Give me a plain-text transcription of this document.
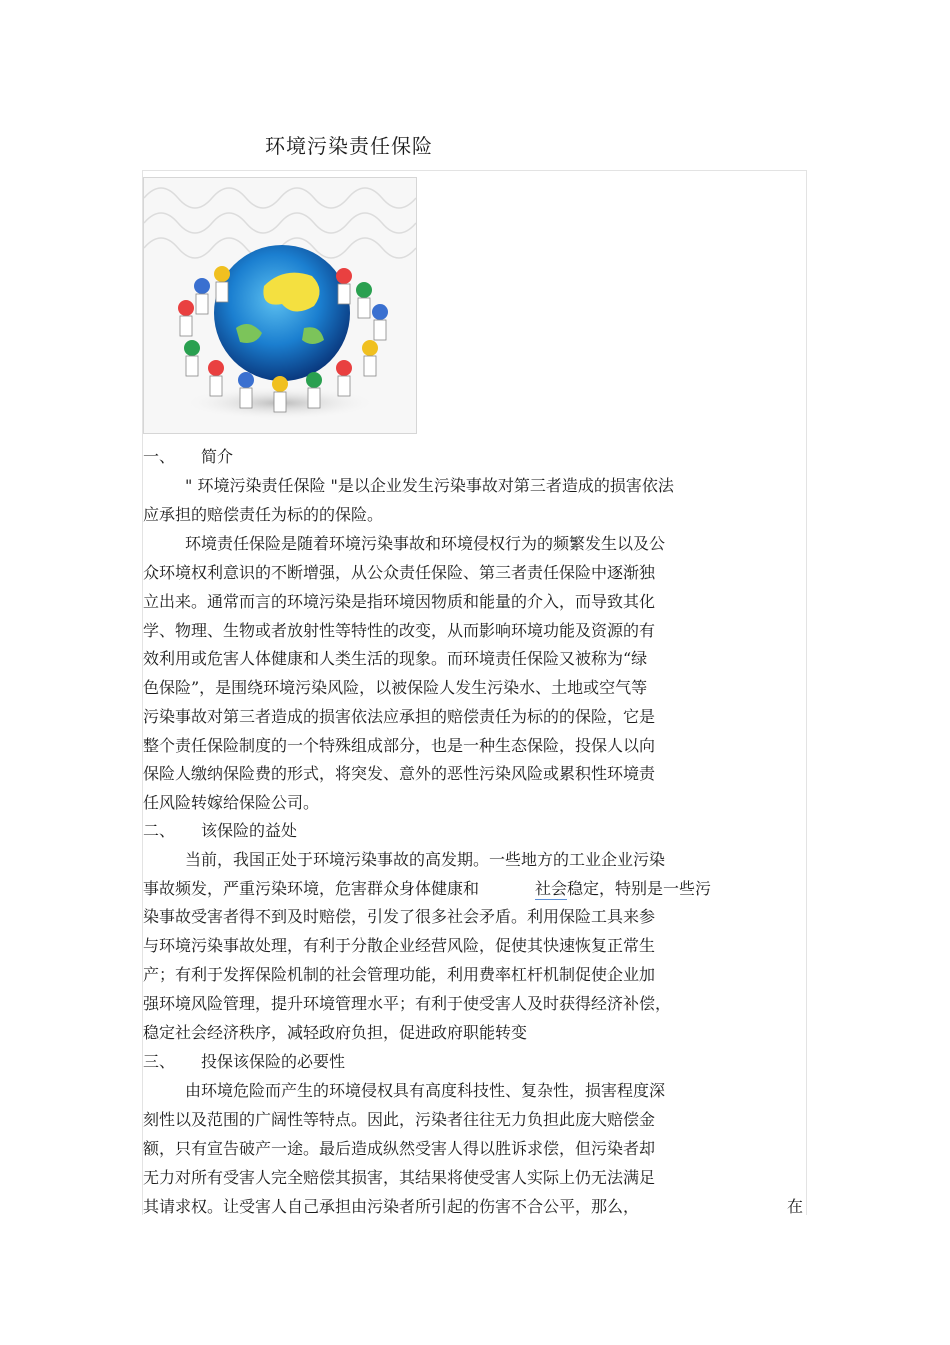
环境污染责任保险
一、 简介
" 环境污染责任保险 "是以企业发生污染事故对第三者造成的损害依法
应承担的赔偿责任为标的的保险。
环境责任保险是随着环境污染事故和环境侵权行为的频繁发生以及公
众环境权利意识的不断增强，从公众责任保险、第三者责任保险中逐渐独
立出来。通常而言的环境污染是指环境因物质和能量的介入，而导致其化
学、物理、生物或者放射性等特性的改变，从而影响环境功能及资源的有
效利用或危害人体健康和人类生活的现象。而环境责任保险又被称为“绿
色保险”，是围绕环境污染风险，以被保险人发生污染水、土地或空气等
污染事故对第三者造成的损害依法应承担的赔偿责任为标的的保险，它是
整个责任保险制度的一个特殊组成部分，也是一种生态保险，投保人以向
保险人缴纳保险费的形式，将突发、意外的恶性污染风险或累积性环境责
任风险转嫁给保险公司。
二、 该保险的益处
当前，我国正处于环境污染事故的高发期。一些地方的工业企业污染
事故频发，严重污染环境，危害群众身体健康和	社会稳定，特别是一些污
染事故受害者得不到及时赔偿，引发了很多社会矛盾。利用保险工具来参
与环境污染事故处理，有利于分散企业经营风险，促使其快速恢复正常生
产；有利于发挥保险机制的社会管理功能，利用费率杠杆机制促使企业加
强环境风险管理，提升环境管理水平；有利于使受害人及时获得经济补偿，
稳定社会经济秩序，减轻政府负担，促进政府职能转变
三、 投保该保险的必要性
由环境危险而产生的环境侵权具有高度科技性、复杂性，损害程度深
刻性以及范围的广阔性等特点。因此，污染者往往无力负担此庞大赔偿金
额，只有宣告破产一途。最后造成纵然受害人得以胜诉求偿，但污染者却
无力对所有受害人完全赔偿其损害，其结果将使受害人实际上仍无法满足
其请求权。让受害人自己承担由污染者所引起的伤害不合公平，那么，	在
